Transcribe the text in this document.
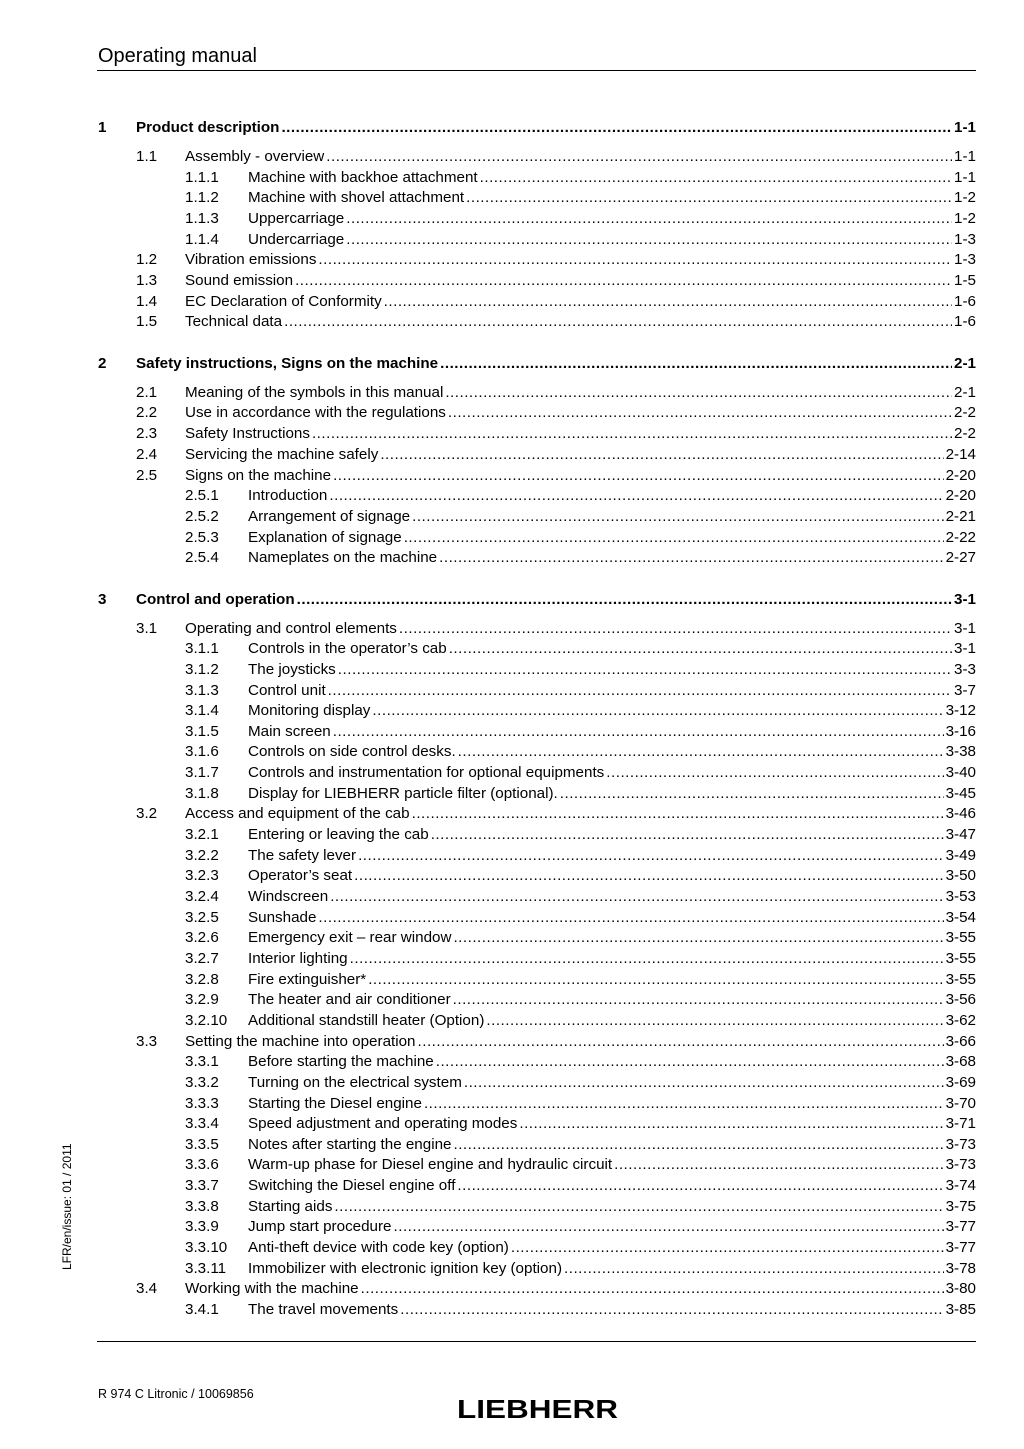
Operating manual
1	Product description .....	1-1
1.1	Assembly - overview .....	1-1
1.1.1	Machine with backhoe attachment .....	1-1
1.1.2	Machine with shovel attachment .....	1-2
1.1.3	Uppercarriage .....	1-2
1.1.4	Undercarriage .....	1-3
1.2	Vibration emissions .....	1-3
1.3	Sound emission .....	1-5
1.4	EC Declaration of Conformity .....	1-6
1.5	Technical data .....	1-6
2	Safety instructions, Signs on the machine .....	2-1
2.1	Meaning of the symbols in this manual .....	2-1
2.2	Use in accordance with the regulations .....	2-2
2.3	Safety Instructions .....	2-2
2.4	Servicing the machine safely .....	2-14
2.5	Signs on the machine .....	2-20
2.5.1	Introduction .....	2-20
2.5.2	Arrangement of signage .....	2-21
2.5.3	Explanation of signage .....	2-22
2.5.4	Nameplates on the machine .....	2-27
3	Control and operation .....	3-1
3.1	Operating and control elements .....	3-1
3.1.1	Controls in the operator’s cab .....	3-1
3.1.2	The joysticks .....	3-3
3.1.3	Control unit .....	3-7
3.1.4	Monitoring display .....	3-12
3.1.5	Main screen .....	3-16
3.1.6	Controls on side control desks. .....	3-38
3.1.7	Controls and instrumentation for optional equipments .....	3-40
3.1.8	Display for LIEBHERR particle filter (optional). .....	3-45
3.2	Access and equipment of the cab .....	3-46
3.2.1	Entering or leaving the cab .....	3-47
3.2.2	The safety lever .....	3-49
3.2.3	Operator’s seat .....	3-50
3.2.4	Windscreen .....	3-53
3.2.5	Sunshade .....	3-54
3.2.6	Emergency exit – rear window .....	3-55
3.2.7	Interior lighting .....	3-55
3.2.8	Fire extinguisher* .....	3-55
3.2.9	The heater and air conditioner .....	3-56
3.2.10	Additional standstill heater (Option) .....	3-62
3.3	Setting the machine into operation .....	3-66
3.3.1	Before starting the machine .....	3-68
3.3.2	Turning on the electrical system .....	3-69
3.3.3	Starting the Diesel engine .....	3-70
3.3.4	Speed adjustment and operating modes .....	3-71
3.3.5	Notes after starting the engine .....	3-73
3.3.6	Warm-up phase for Diesel engine and hydraulic circuit .....	3-73
3.3.7	Switching the Diesel engine off .....	3-74
3.3.8	Starting aids .....	3-75
3.3.9	Jump start procedure .....	3-77
3.3.10	Anti-theft device with code key (option) .....	3-77
3.3.11	Immobilizer with electronic ignition key (option) .....	3-78
3.4	Working with the machine .....	3-80
3.4.1	The travel movements .....	3-85
LFR/en/issue: 01 / 2011
R 974 C Litronic / 10069856	LIEBHERR
